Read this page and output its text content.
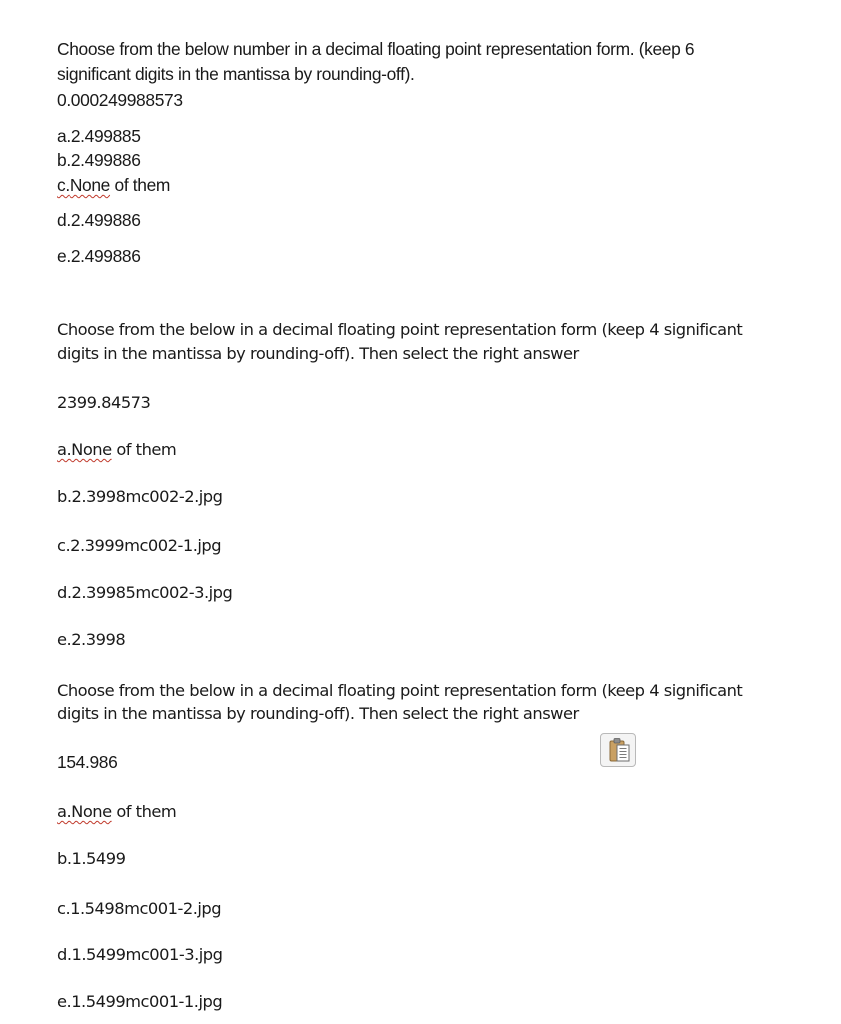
Choose from the below number in a decimal floating point representation form. (keep 6
significant digits in the mantissa by rounding-off).
0.000249988573
a.2.499885
b.2.499886
c.None of them
d.2.499886
e.2.499886
Choose from the below in a decimal floating point representation form (keep 4 significant
digits in the mantissa by rounding-off). Then select the right answer
2399.84573
a.None of them
b.2.3998mc002-2.jpg
c.2.3999mc002-1.jpg
d.2.39985mc002-3.jpg
e.2.3998
Choose from the below in a decimal floating point representation form (keep 4 significant
digits in the mantissa by rounding-off). Then select the right answer
154.986
a.None of them
b.1.5499
c.1.5498mc001-2.jpg
d.1.5499mc001-3.jpg
e.1.5499mc001-1.jpg
